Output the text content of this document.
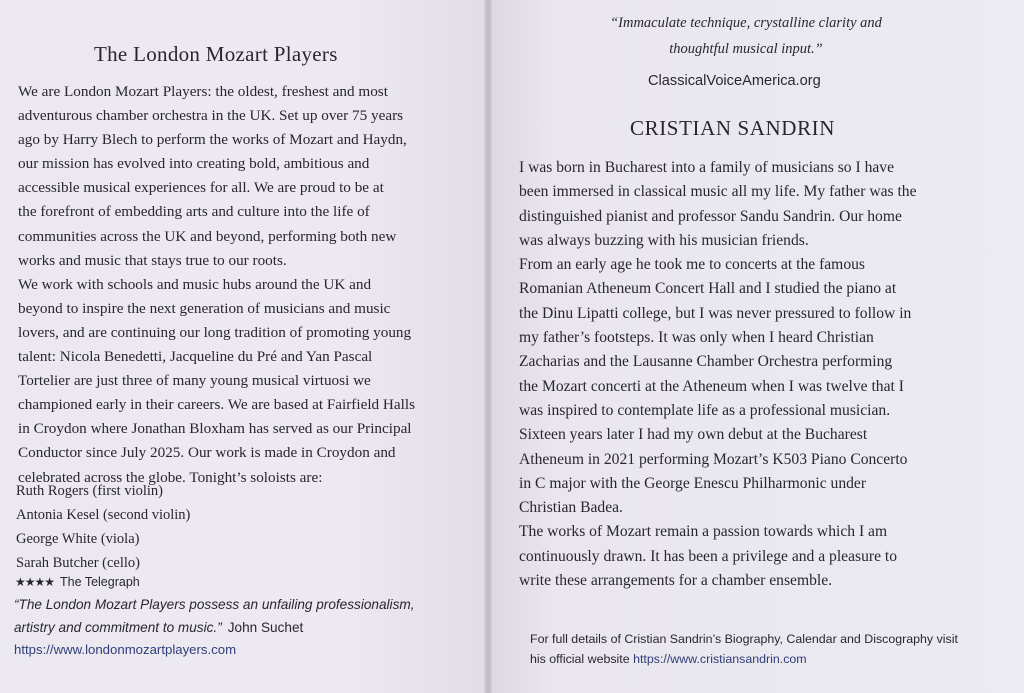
The London Mozart Players
We are London Mozart Players: the oldest, freshest and most
adventurous chamber orchestra in the UK. Set up over 75 years
ago by Harry Blech to perform the works of Mozart and Haydn,
our mission has evolved into creating bold, ambitious and
accessible musical experiences for all. We are proud to be at
the forefront of embedding arts and culture into the life of
communities across the UK and beyond, performing both new
works and music that stays true to our roots.
We work with schools and music hubs around the UK and
beyond to inspire the next generation of musicians and music
lovers, and are continuing our long tradition of promoting young
talent: Nicola Benedetti, Jacqueline du Pré and Yan Pascal
Tortelier are just three of many young musical virtuosi we
championed early in their careers. We are based at Fairfield Halls
in Croydon where Jonathan Bloxham has served as our Principal
Conductor since July 2025. Our work is made in Croydon and
celebrated across the globe. Tonight’s soloists are:
Ruth Rogers (first violin)
Antonia Kesel (second violin)
George White (viola)
Sarah Butcher (cello)
★★★★ The Telegraph
“The London Mozart Players possess an unfailing professionalism,
artistry and commitment to music.” John Suchet
https://www.londonmozartplayers.com
“Immaculate technique, crystalline clarity and
thoughtful musical input.”
ClassicalVoiceAmerica.org
CRISTIAN SANDRIN
I was born in Bucharest into a family of musicians so I have
been immersed in classical music all my life. My father was the
distinguished pianist and professor Sandu Sandrin. Our home
was always buzzing with his musician friends.
From an early age he took me to concerts at the famous
Romanian Atheneum Concert Hall and I studied the piano at
the Dinu Lipatti college, but I was never pressured to follow in
my father’s footsteps. It was only when I heard Christian
Zacharias and the Lausanne Chamber Orchestra performing
the Mozart concerti at the Atheneum when I was twelve that I
was inspired to contemplate life as a professional musician.
Sixteen years later I had my own debut at the Bucharest
Atheneum in 2021 performing Mozart’s K503 Piano Concerto
in C major with the George Enescu Philharmonic under
Christian Badea.
The works of Mozart remain a passion towards which I am
continuously drawn. It has been a privilege and a pleasure to
write these arrangements for a chamber ensemble.
For full details of Cristian Sandrin’s Biography, Calendar and Discography visit
his official website https://www.cristiansandrin.com
